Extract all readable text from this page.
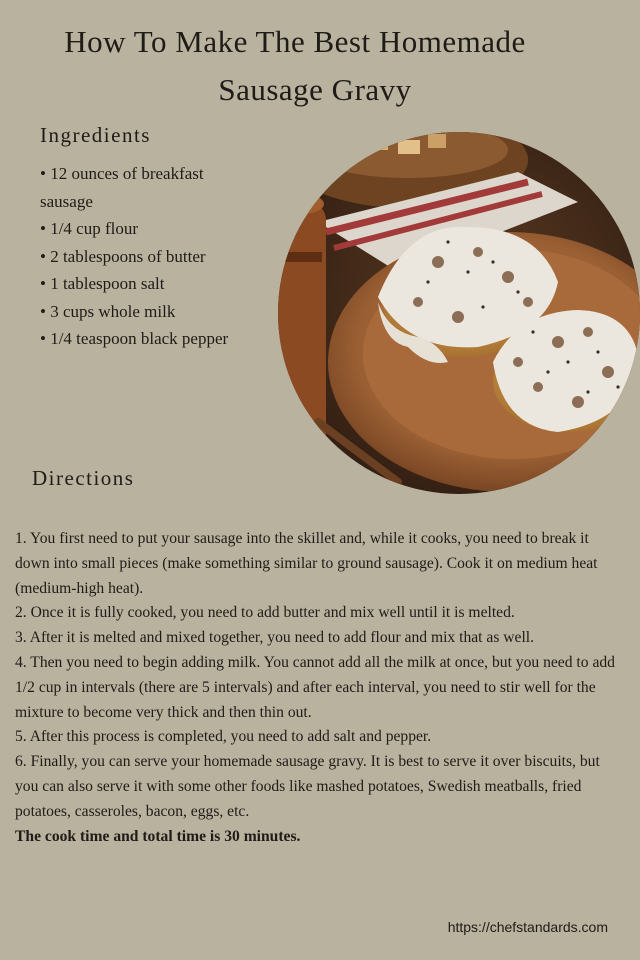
How To Make The Best Homemade
Sausage Gravy
Ingredients
• 12 ounces of breakfast sausage
• 1/4 cup flour
• 2 tablespoons of butter
• 1 tablespoon salt
• 3 cups whole milk
• 1/4 teaspoon black pepper
Directions

1. You first need to put your sausage into the skillet and, while it cooks, you need to break it down into small pieces (make something similar to ground sausage). Cook it on medium heat (medium-high heat).

2. Once it is fully cooked, you need to add butter and mix well until it is melted.

3. After it is melted and mixed together, you need to add flour and mix that as well.

4. Then you need to begin adding milk. You cannot add all the milk at once, but you need to add 1/2 cup in intervals (there are 5 intervals) and after each interval, you need to stir well for the mixture to become very thick and then thin out.

5. After this process is completed, you need to add salt and pepper.

6. Finally, you can serve your homemade sausage gravy. It is best to serve it over biscuits, but you can also serve it with some other foods like mashed potatoes, Swedish meatballs, fried potatoes, casseroles, bacon, eggs, etc.

The cook time and total time is 30 minutes.

https://chefstandards.com
